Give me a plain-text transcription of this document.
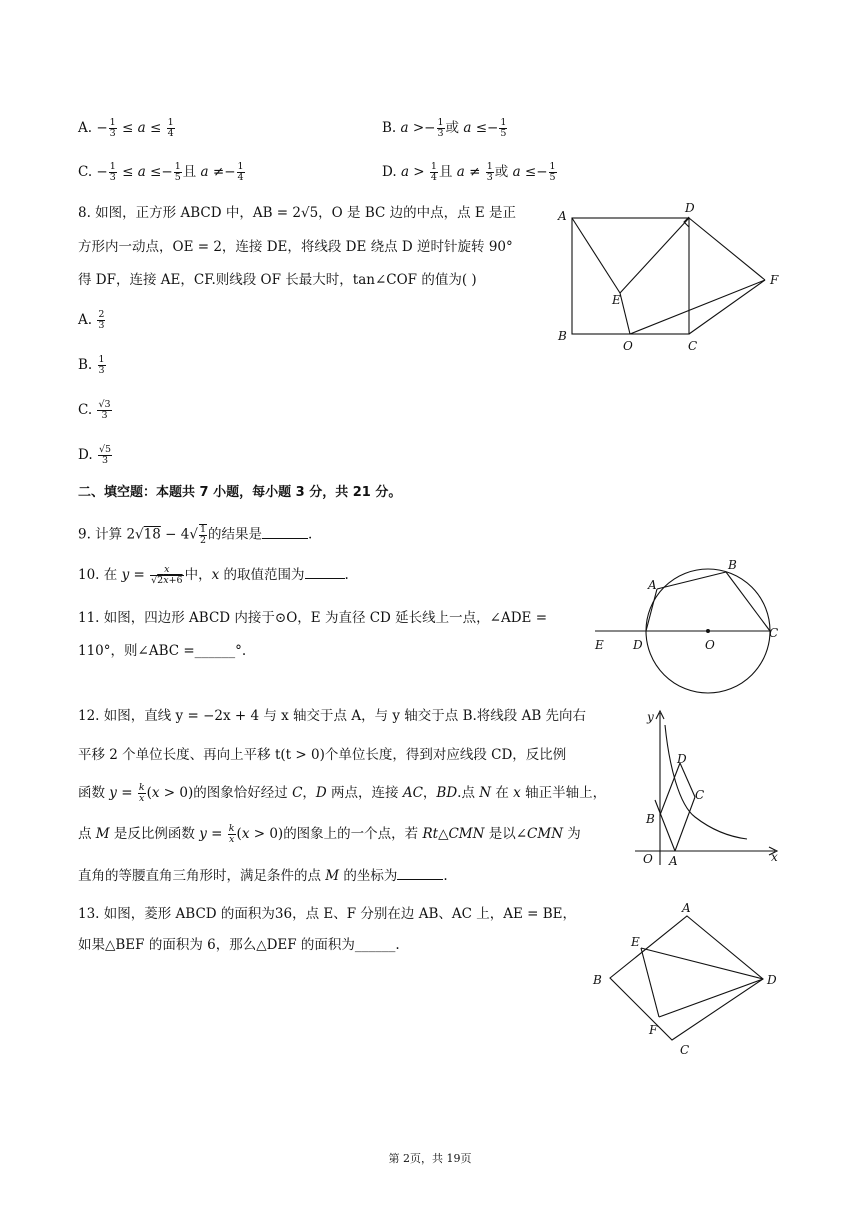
A. − $\frac{1}{3} \le a \le \frac{1}{4}$	B. $a >- \frac{1}{3}$ 或 $a \le- \frac{1}{5}$
C. − $\frac{1}{3} \le a \le- \frac{1}{5}$ 且 $a \ne- \frac{1}{4}$	D. $a > \frac{1}{4}$ 且 $a \ne \frac{1}{3}$ 或 $a \le- \frac{1}{5}$
8. 如图，正方形 ABCD 中，AB = 2√5，O 是 BC 边的中点，点 E 是正
方形内一动点，OE = 2，连接 DE，将线段 DE 绕点 D 逆时针旋转 90°
得 DF，连接 AE，CF.则线段 OF 长最大时，tan∠COF 的值为( )
A. $\frac{2}{3}$
B. $\frac{1}{3}$
C. $\frac{√3}{3}$
D. $\frac{√5}{3}$
A
D
B
O	C
E
F
二、填空题：本题共 7 小题，每小题 3 分，共 21 分。
9. 计算 $2√18 - 4√ \frac{1}{2}$ 的结果是	.
10. 在 $y = \frac{x}{√2x+6}$ 中，x 的取值范围为	.
11. 如图，四边形 ABCD 内接于⊙O，E 为直径 CD 延长线上一点，∠ADE =
110°，则∠ABC =______°.
A
B
E D	O
C
12. 如图，直线 y = −2x + 4 与 x 轴交于点 A，与 y 轴交于点 B.将线段 AB 先向右
平移 2 个单位长度、再向上平移 t(t > 0)个单位长度，得到对应线段 CD，反比例
函数 $y = \frac{k}{x} (x > 0)$的图象恰好经过 C，D 两点，连接 AC，BD.点 N 在 x 轴正半轴上，
点 M 是反比例函数 $y = \frac{k}{x} (x > 0)$的图象上的一个点，若 Rt△CMN 是以∠CMN 为
直角的等腰直角三角形时，满足条件的点 M 的坐标为	.
y
D
C
B
O A	x
13. 如图，菱形 ABCD 的面积为36，点 E、F 分别在边 AB、AC 上，AE = BE，
如果△BEF 的面积为 6，那么△DEF 的面积为______.
A
E
B	D
F
C
第 2页，共 19页
